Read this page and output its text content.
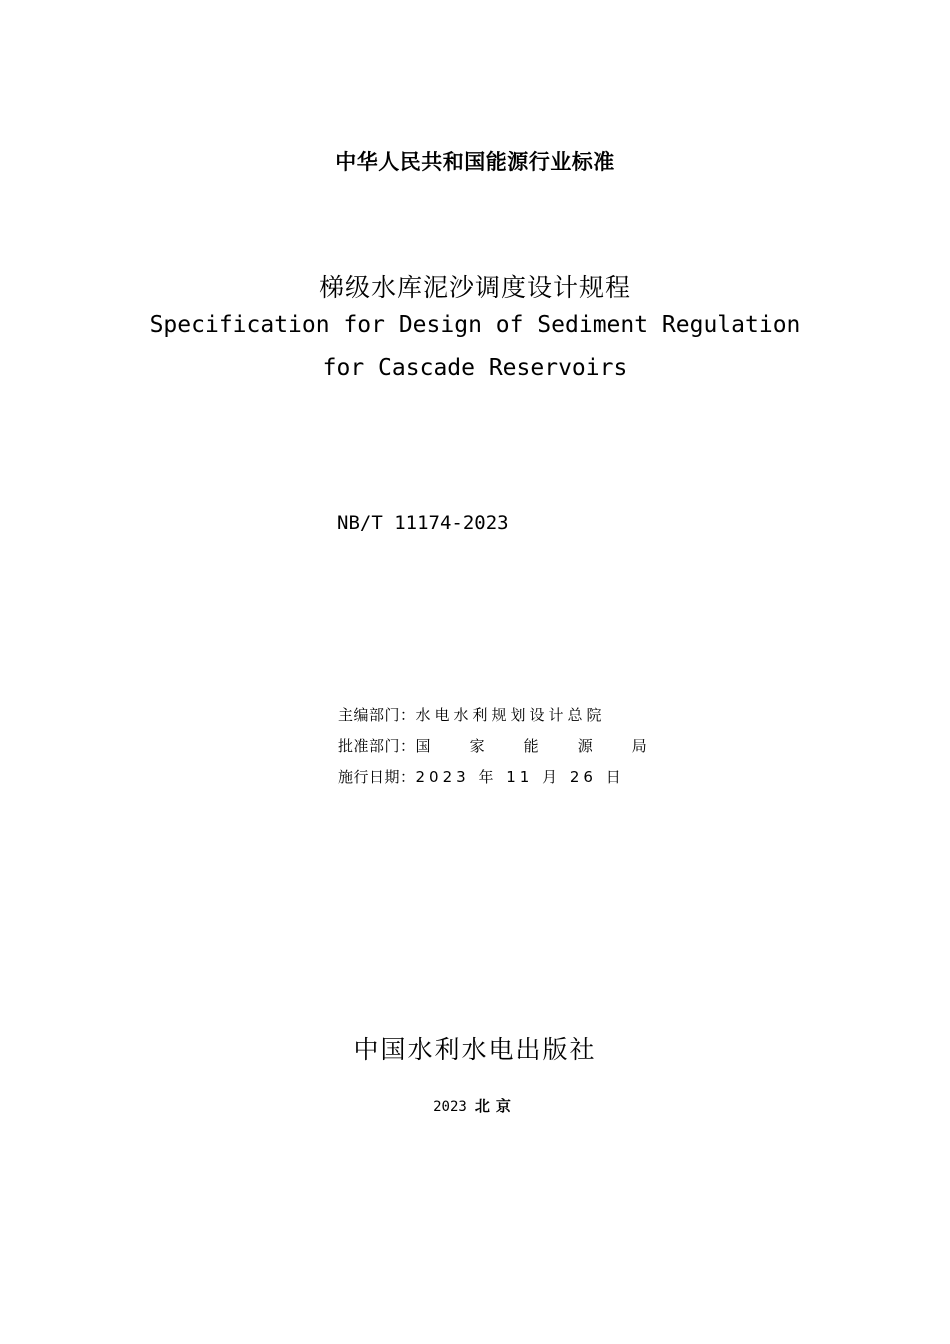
中华人民共和国能源行业标准
梯级水库泥沙调度设计规程
Specification for Design of Sediment Regulation
for Cascade Reservoirs
NB/T 11174-2023
主编部门：水电水利规划设计总院
批准部门：国    家    能    源    局
施行日期：2023 年 11 月 26 日
中国水利水电出版社
2023 北京
